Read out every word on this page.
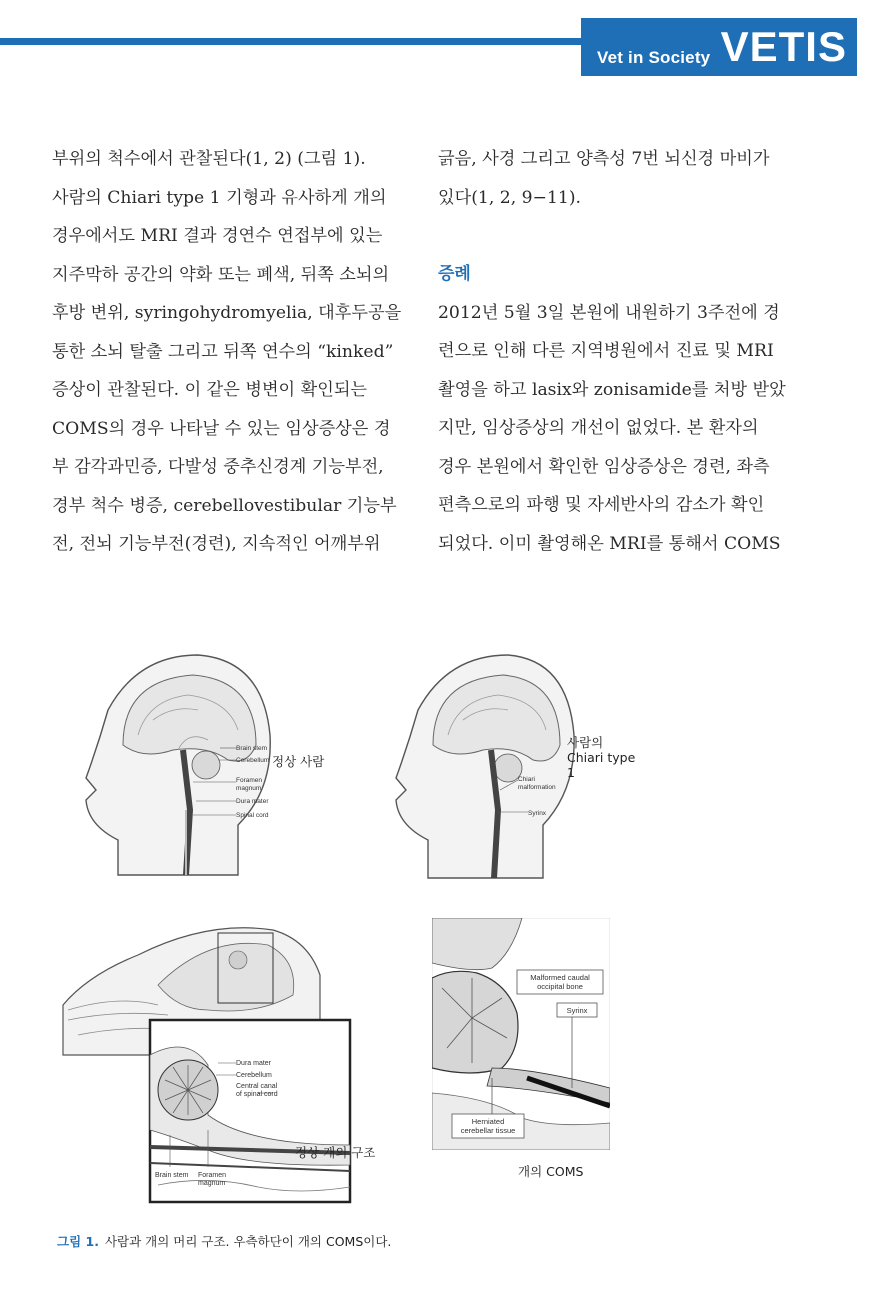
Vet in Society VETIS

부위의 척수에서 관찰된다(1, 2) (그림 1).

사람의 Chiari type 1 기형과 유사하게 개의

경우에서도 MRI 결과 경연수 연접부에 있는

지주막하 공간의 약화 또는 폐색, 뒤쪽 소뇌의

후방 변위, syringohydromyelia, 대후두공을

통한 소뇌 탈출 그리고 뒤쪽 연수의 “kinked”

증상이 관찰된다. 이 같은 병변이 확인되는

COMS의 경우 나타날 수 있는 임상증상은 경

부 감각과민증, 다발성 중추신경계 기능부전,

경부 척수 병증, cerebellovestibular 기능부

전, 전뇌 기능부전(경련), 지속적인 어깨부위

긁음, 사경 그리고 양측성 7번 뇌신경 마비가

있다(1, 2, 9−11).

증례

2012년 5월 3일 본원에 내원하기 3주전에 경

련으로 인해 다른 지역병원에서 진료 및 MRI

촬영을 하고 lasix와 zonisamide를 처방 받았

지만, 임상증상의 개선이 없었다. 본 환자의

경우 본원에서 확인한 임상증상은 경련, 좌측

편측으로의 파행 및 자세반사의 감소가 확인

되었다. 이미 촬영해온 MRI를 통해서 COMS

Brain stem
Cerebellum
Foramen
magnum
Dura mater
Spinal cord
정상 사람
Chiari
malformation
Syrinx
사람의
Chiari type
1
Dura mater
Cerebellum
Central canal
of spinal cord
Brain stem Foramen
magnum
정상 개의 구조
Malformed caudal
occipital bone
Syrinx
Herniated
cerebellar tissue
개의 COMS
그림 1. 사람과 개의 머리 구조. 우측하단이 개의 COMS이다.
